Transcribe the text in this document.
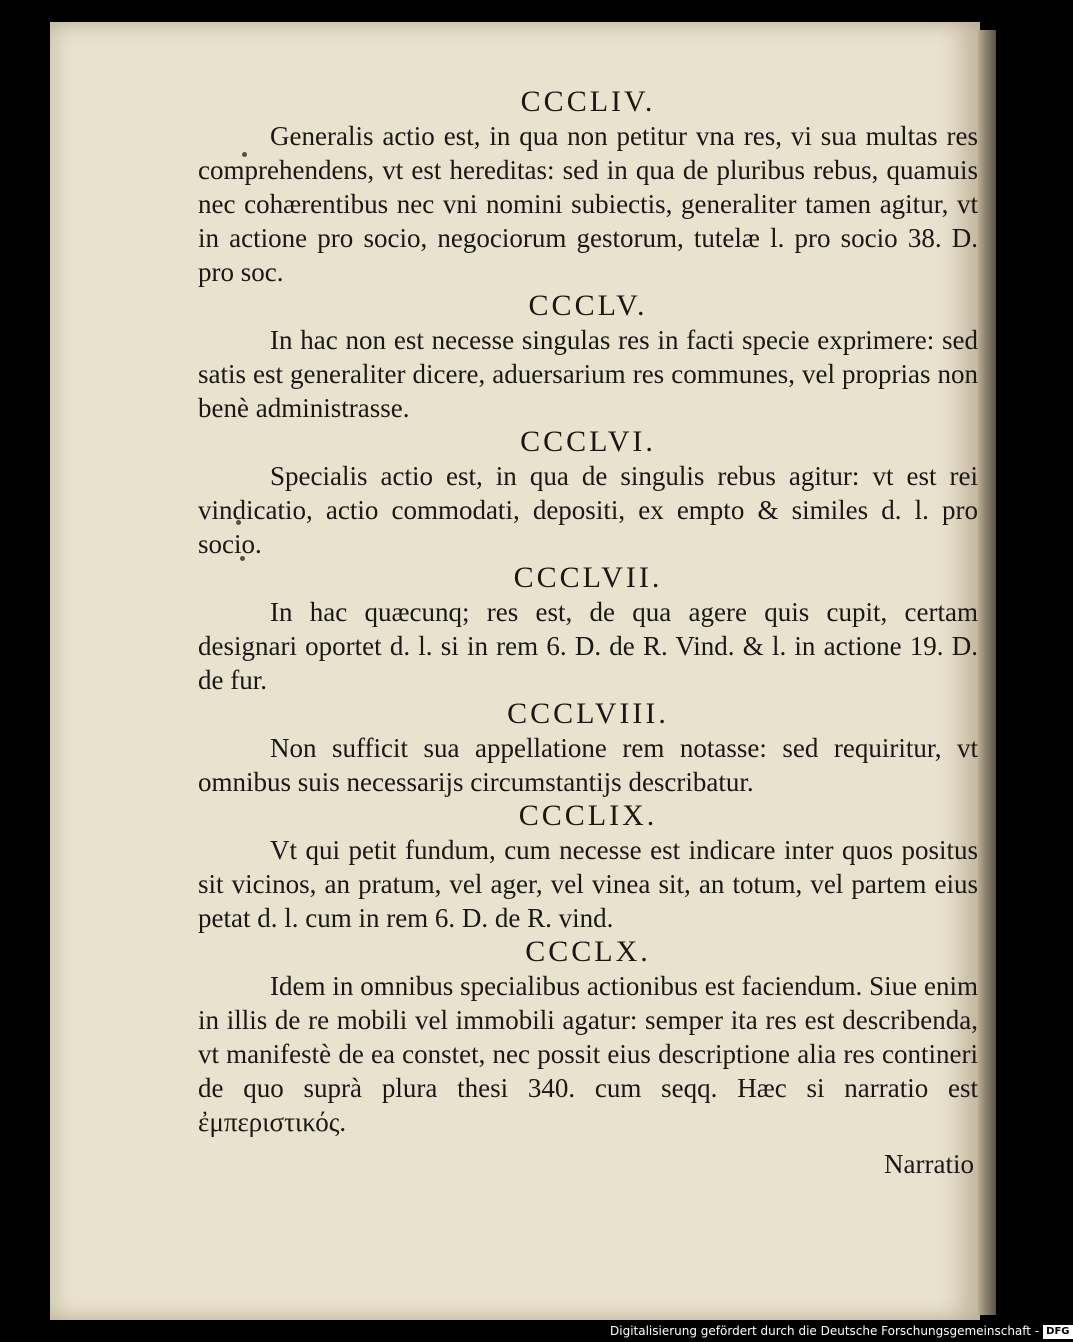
CCCLIV.

Generalis actio est, in qua non petitur vna res, vi sua multas res comprehendens, vt est hereditas: sed in qua de pluribus rebus, quamuis nec cohærentibus nec vni nomini subiectis, generaliter tamen agitur, vt in actione pro socio, negociorum gestorum, tutelæ l. pro socio 38. D. pro soc.

CCCLV.

In hac non est necesse singulas res in facti specie exprimere: sed satis est generaliter dicere, aduersarium res communes, vel proprias non benè administrasse.

CCCLVI.

Specialis actio est, in qua de singulis rebus agitur: vt est rei vindicatio, actio commodati, depositi, ex empto & similes d. l. pro socio.

CCCLVII.

In hac quæcunq; res est, de qua agere quis cupit, certam designari oportet d. l. si in rem 6. D. de R. Vind. & l. in actione 19. D. de fur.

CCCLVIII.

Non sufficit sua appellatione rem notasse: sed requiritur, vt omnibus suis necessarijs circumstantijs describatur.

CCCLIX.

Vt qui petit fundum, cum necesse est indicare inter quos positus sit vicinos, an pratum, vel ager, vel vinea sit, an totum, vel partem eius petat d. l. cum in rem 6. D. de R. vind.

CCCLX.

Idem in omnibus specialibus actionibus est faciendum. Siue enim in illis de re mobili vel immobili agatur: semper ita res est describenda, vt manifestè de ea constet, nec possit eius descriptione alia res contineri de quo suprà plura thesi 340. cum seqq. Hæc si narratio est ἐμπεριστικός.

Narratio

Digitalisierung gefördert durch die Deutsche Forschungsgemeinschaft - DFG
